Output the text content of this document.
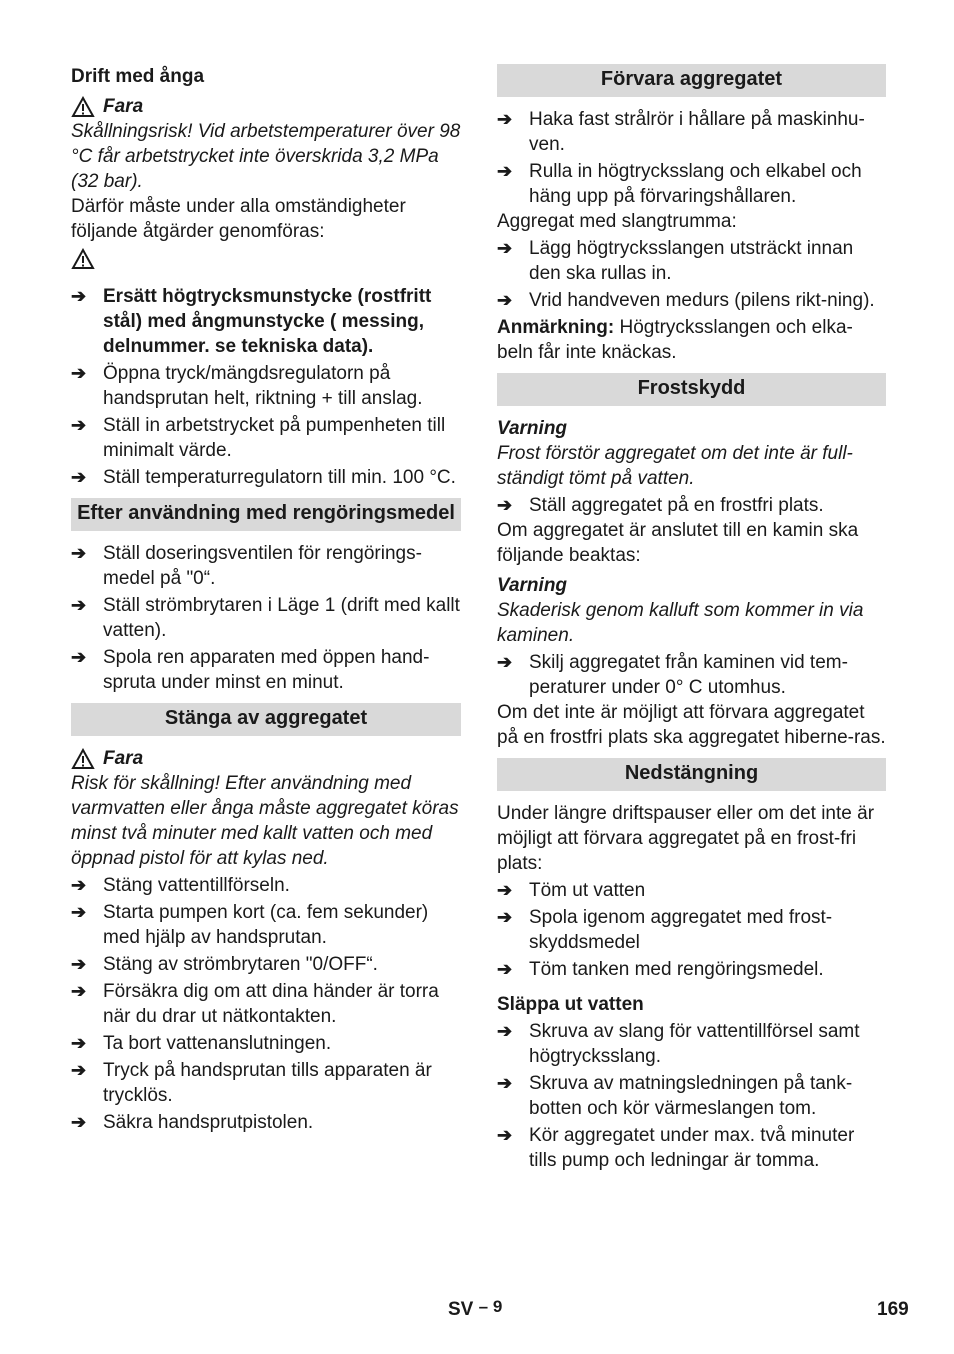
Drift med ånga
Fara
Skållningsrisk! Vid arbetstemperaturer över 98 °C får arbetstrycket inte överskrida 3,2 MPa (32 bar).
Därför måste under alla omständigheter följande åtgärder genomföras:
➔ Ersätt högtrycksmunstycke (rostfritt stål) med ångmunstycke ( messing, delnummer. se tekniska data).
➔ Öppna tryck/mängdsregulatorn på handsprutan helt, riktning + till anslag.
➔ Ställ in arbetstrycket på pumpenheten till minimalt värde.
➔ Ställ temperaturregulatorn till min. 100 °C.
Efter användning med rengöringsmedel
➔ Ställ doseringsventilen för rengörings-medel på "0“.
➔ Ställ strömbrytaren i Läge 1 (drift med kallt vatten).
➔ Spola ren apparaten med öppen hand-spruta under minst en minut.
Stänga av aggregatet
Fara
Risk för skållning! Efter användning med varmvatten eller ånga måste aggregatet köras minst två minuter med kallt vatten och med öppnad pistol för att kylas ned.
➔ Stäng vattentillförseln.
➔ Starta pumpen kort (ca. fem sekunder) med hjälp av handsprutan.
➔ Stäng av strömbrytaren "0/OFF“.
➔ Försäkra dig om att dina händer är torra när du drar ut nätkontakten.
➔ Ta bort vattenanslutningen.
➔ Tryck på handsprutan tills apparaten är trycklös.
➔ Säkra handsprutpistolen.
Förvara aggregatet
➔ Haka fast strålrör i hållare på maskinhu-ven.
➔ Rulla in högtrycksslang och elkabel och häng upp på förvaringshållaren.
Aggregat med slangtrumma:
➔ Lägg högtrycksslangen utsträckt innan den ska rullas in.
➔ Vrid handveven medurs (pilens rikt-ning).
Anmärkning: Högtrycksslangen och elka-beln får inte knäckas.
Frostskydd
Varning
Frost förstör aggregatet om det inte är full-ständigt tömt på vatten.
➔ Ställ aggregatet på en frostfri plats.
Om aggregatet är anslutet till en kamin ska följande beaktas:
Varning
Skaderisk genom kalluft som kommer in via kaminen.
➔ Skilj aggregatet från kaminen vid tem-peraturer under 0° C utomhus.
Om det inte är möjligt att förvara aggregatet på en frostfri plats ska aggregatet hiberne-ras.
Nedstängning
Under längre driftspauser eller om det inte är möjligt att förvara aggregatet på en frost-fri plats:
➔ Töm ut vatten
➔ Spola igenom aggregatet med frost-skyddsmedel
➔ Töm tanken med rengöringsmedel.
Släppa ut vatten
➔ Skruva av slang för vattentillförsel samt högtrycksslang.
➔ Skruva av matningsledningen på tank-botten och kör värmeslangen tom.
➔ Kör aggregatet under max. två minuter tills pump och ledningar är tomma.
SV – 9	169
